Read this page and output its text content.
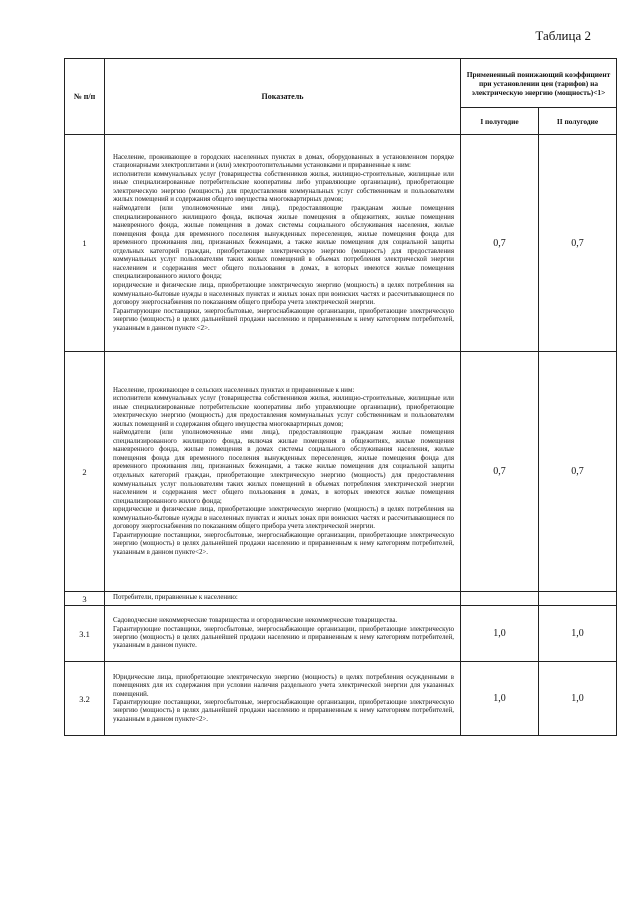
Таблица 2
№ п/п	Показатель	Примененный понижающий коэффициент при установлении цен (тарифов) на электрическую энергию (мощность)<1>	
		I полугодие	II полугодие
1	Население, проживающее в городских населенных пунктах в домах, оборудованных в установленном порядке стационарными электроплитами и (или) электроотопительными установками и приравненные к ним:

исполнители коммунальных услуг (товарищества собственников жилья, жилищно-строительные, жилищные или иные специализированные потребительские кооперативы либо управляющие организации), приобретающие электрическую энергию (мощность) для предоставления коммунальных услуг собственникам и пользователям жилых помещений и содержания общего имущества многоквартирных домов;

наймодатели (или уполномоченные ими лица), предоставляющие гражданам жилые помещения специализированного жилищного фонда, включая жилые помещения в общежитиях, жилые помещения маневренного фонда, жилые помещения в домах системы социального обслуживания населения, жилые помещения фонда для временного поселения вынужденных переселенцев, жилые помещения фонда для временного проживания лиц, признанных беженцами, а также жилые помещения для социальной защиты отдельных категорий граждан, приобретающие электрическую энергию (мощность) для предоставления коммунальных услуг пользователям таких жилых помещений в объемах потребления электрической энергии населением и содержания мест общего пользования в домах, в которых имеются жилые помещения специализированного жилого фонда;

юридические и физические лица, приобретающие электрическую энергию (мощность) в целях потребления на коммунально-бытовые нужды в населенных пунктах и жилых зонах при воинских частях и рассчитывающиеся по договору энергоснабжения по показаниям общего прибора учета электрической энергии.

Гарантирующие поставщики, энергосбытовые, энергоснабжающие организации, приобретающие электрическую энергию (мощность) в целях дальнейшей продажи населению и приравненным к нему категориям потребителей, указанным в данном пункте <2>.	0,7	0,7
2	Население, проживающее в сельских населенных пунктах и приравненные к ним:

исполнители коммунальных услуг (товарищества собственников жилья, жилищно-строительные, жилищные или иные специализированные потребительские кооперативы либо управляющие организации), приобретающие электрическую энергию (мощность) для предоставления коммунальных услуг собственникам и пользователям жилых помещений и содержания общего имущества многоквартирных домов;

наймодатели (или уполномоченные ими лица), предоставляющие гражданам жилые помещения специализированного жилищного фонда, включая жилые помещения в общежитиях, жилые помещения маневренного фонда, жилые помещения в домах системы социального обслуживания населения, жилые помещения фонда для временного поселения вынужденных переселенцев, жилые помещения фонда для временного проживания лиц, признанных беженцами, а также жилые помещения для социальной защиты отдельных категорий граждан, приобретающие электрическую энергию (мощность) для предоставления коммунальных услуг пользователям таких жилых помещений в объемах потребления электрической энергии населением и содержания мест общего пользования в домах, в которых имеются жилые помещения специализированного жилого фонда;

юридические и физические лица, приобретающие электрическую энергию (мощность) в целях потребления на коммунально-бытовые нужды в населенных пунктах и жилых зонах при воинских частях и рассчитывающиеся по договору энергоснабжения по показаниям общего прибора учета электрической энергии.

Гарантирующие поставщики, энергосбытовые, энергоснабжающие организации, приобретающие электрическую энергию (мощность) в целях дальнейшей продажи населению и приравненным к нему категориям потребителей, указанным в данном пункте<2>.	0,7	0,7
3	Потребители, приравненные к населению:		

3.1	Садоводческие некоммерческие товарищества и огороднические некоммерческие товарищества.

Гарантирующие поставщики, энергосбытовые, энергоснабжающие организации, приобретающие электрическую энергию (мощность) в целях дальнейшей продажи населению и приравненным к нему категориям потребителей, указанным в данном пункте.	1,0	1,0
3.2	Юридические лица, приобретающие электрическую энергию (мощность) в целях потребления осужденными в помещениях для их содержания при условии наличия раздельного учета электрической энергии для указанных помещений.

Гарантирующие поставщики, энергосбытовые, энергоснабжающие организации, приобретающие электрическую энергию (мощность) в целях дальнейшей продажи населению и приравненным к нему категориям потребителей, указанным в данном пункте<2>.	1,0	1,0
